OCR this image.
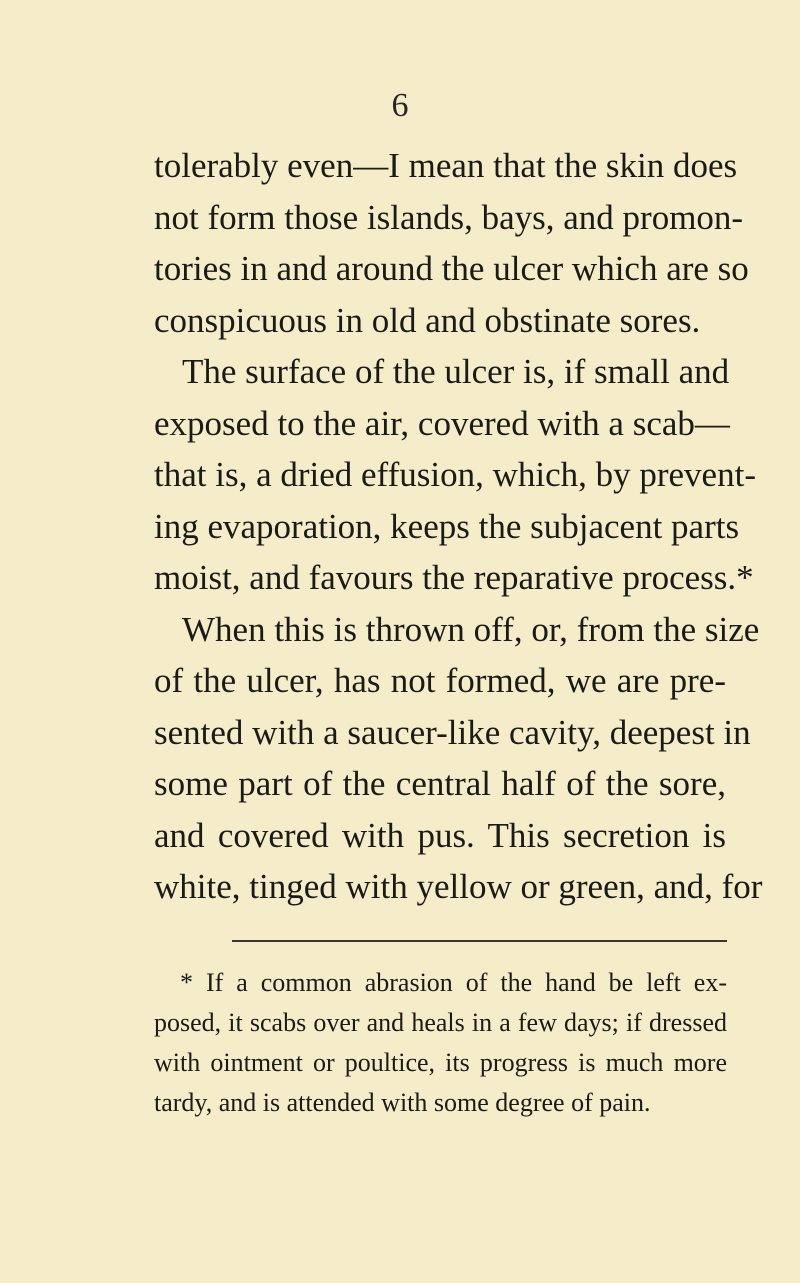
6
tolerably even—I mean that the skin does
not form those islands, bays, and promon-
tories in and around the ulcer which are so
conspicuous in old and obstinate sores.
The surface of the ulcer is, if small and
exposed to the air, covered with a scab—
that is, a dried effusion, which, by prevent-
ing evaporation, keeps the subjacent parts
moist, and favours the reparative process.*
When this is thrown off, or, from the size
of the ulcer, has not formed, we are pre-
sented with a saucer-like cavity, deepest in
some part of the central half of the sore,
and covered with pus. This secretion is
white, tinged with yellow or green, and, for
* If a common abrasion of the hand be left ex-
posed, it scabs over and heals in a few days; if dressed
with ointment or poultice, its progress is much more
tardy, and is attended with some degree of pain.
